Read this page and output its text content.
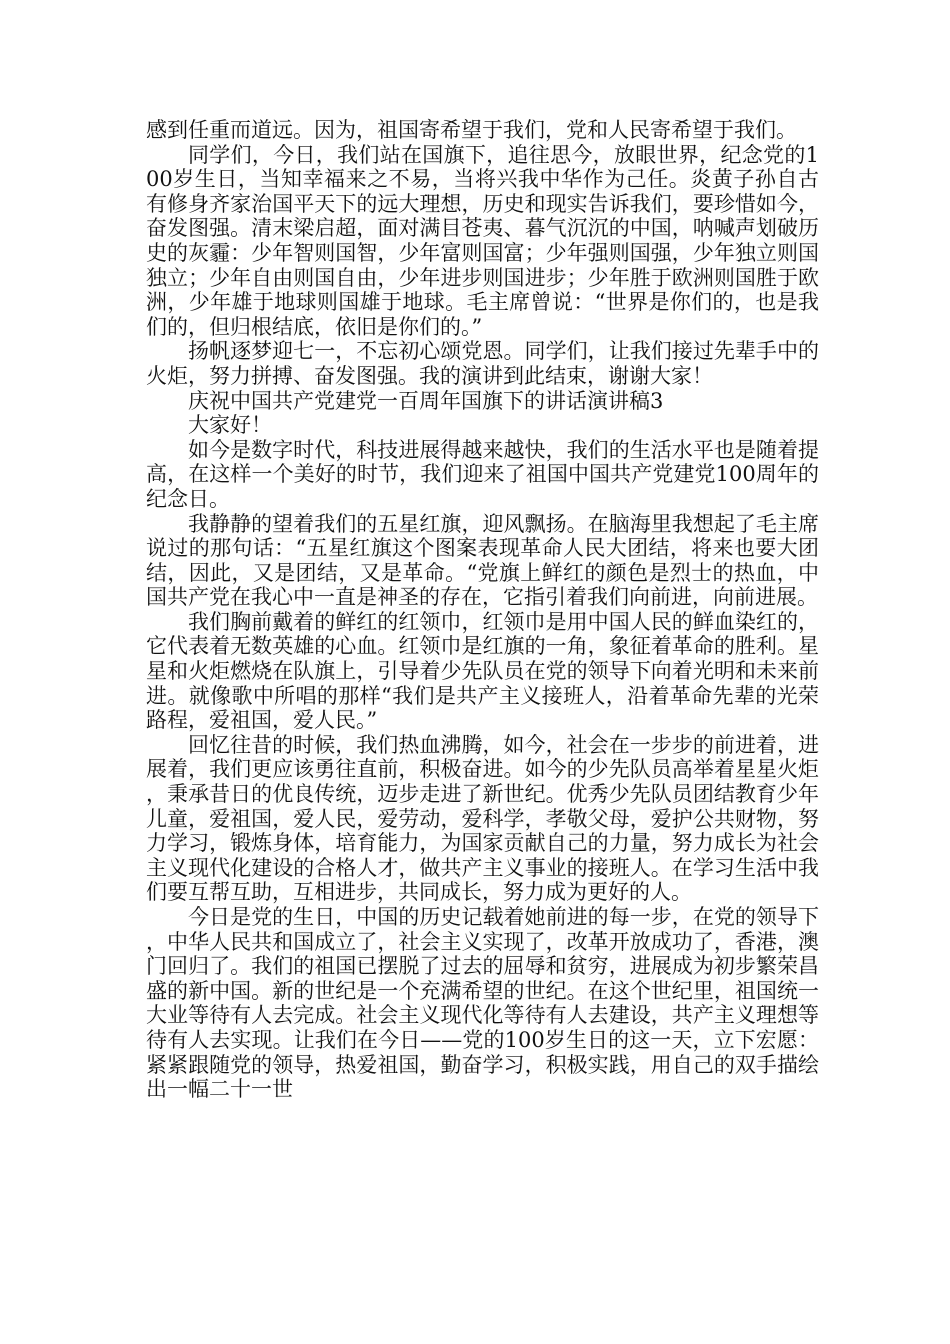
感到任重而道远。因为，祖国寄希望于我们，党和人民寄希望于我们。

同学们，今日，我们站在国旗下，追往思今，放眼世界，纪念党的100岁生日，当知幸福来之不易，当将兴我中华作为己任。炎黄子孙自古有修身齐家治国平天下的远大理想，历史和现实告诉我们，要珍惜如今，奋发图强。清末梁启超，面对满目苍夷、暮气沉沉的中国，呐喊声划破历史的灰霾：少年智则国智，少年富则国富；少年强则国强，少年独立则国独立；少年自由则国自由，少年进步则国进步；少年胜于欧洲则国胜于欧洲，少年雄于地球则国雄于地球。毛主席曾说：“世界是你们的，也是我们的，但归根结底，依旧是你们的。”

扬帆逐梦迎七一，不忘初心颂党恩。同学们，让我们接过先辈手中的火炬，努力拼搏、奋发图强。我的演讲到此结束，谢谢大家！

庆祝中国共产党建党一百周年国旗下的讲话演讲稿3

大家好！

如今是数字时代，科技进展得越来越快，我们的生活水平也是随着提高，在这样一个美好的时节，我们迎来了祖国中国共产党建党100周年的纪念日。

我静静的望着我们的五星红旗，迎风飘扬。在脑海里我想起了毛主席说过的那句话：“五星红旗这个图案表现革命人民大团结，将来也要大团结，因此，又是团结，又是革命。“党旗上鲜红的颜色是烈士的热血，中国共产党在我心中一直是神圣的存在，它指引着我们向前进，向前进展。

我们胸前戴着的鲜红的红领巾，红领巾是用中国人民的鲜血染红的，它代表着无数英雄的心血。红领巾是红旗的一角，象征着革命的胜利。星星和火炬燃烧在队旗上，引导着少先队员在党的领导下向着光明和未来前进。就像歌中所唱的那样“我们是共产主义接班人，沿着革命先辈的光荣路程，爱祖国，爱人民。”

回忆往昔的时候，我们热血沸腾，如今，社会在一步步的前进着，进展着，我们更应该勇往直前，积极奋进。如今的少先队员高举着星星火炬，秉承昔日的优良传统，迈步走进了新世纪。优秀少先队员团结教育少年儿童，爱祖国，爱人民，爱劳动，爱科学，孝敬父母，爱护公共财物，努力学习，锻炼身体，培育能力，为国家贡献自己的力量，努力成长为社会主义现代化建设的合格人才，做共产主义事业的接班人。在学习生活中我们要互帮互助，互相进步，共同成长，努力成为更好的人。

今日是党的生日，中国的历史记载着她前进的每一步，在党的领导下，中华人民共和国成立了，社会主义实现了，改革开放成功了，香港，澳门回归了。我们的祖国已摆脱了过去的屈辱和贫穷，进展成为初步繁荣昌盛的新中国。新的世纪是一个充满希望的世纪。在这个世纪里，祖国统一大业等待有人去完成。社会主义现代化等待有人去建设，共产主义理想等待有人去实现。让我们在今日——党的100岁生日的这一天，立下宏愿：紧紧跟随党的领导，热爱祖国，勤奋学习，积极实践，用自己的双手描绘出一幅二十一世
